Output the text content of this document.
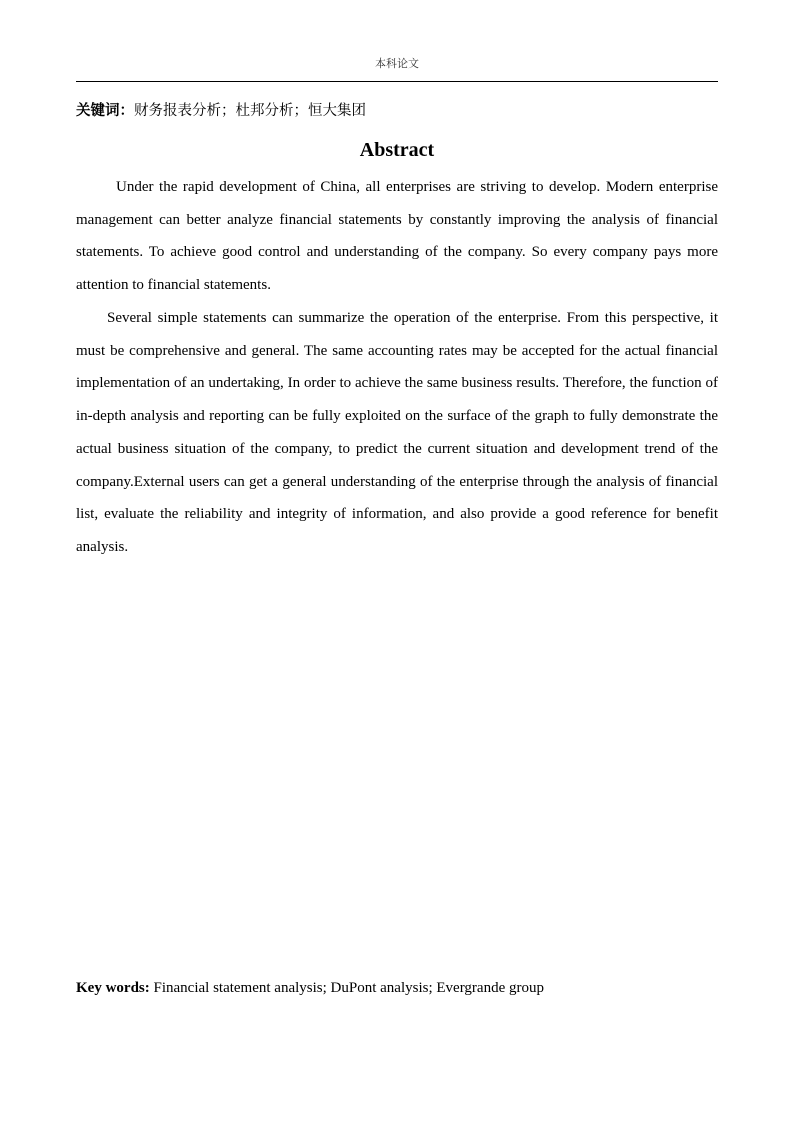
本科论文
关键词：财务报表分析；杜邦分析；恒大集团
Abstract

Under the rapid development of China, all enterprises are striving to develop. Modern enterprise management can better analyze financial statements by constantly improving the analysis of financial statements. To achieve good control and understanding of the company. So every company pays more attention to financial statements.

Several simple statements can summarize the operation of the enterprise. From this perspective, it must be comprehensive and general. The same accounting rates may be accepted for the actual financial implementation of an undertaking, In order to achieve the same business results. Therefore, the function of in-depth analysis and reporting can be fully exploited on the surface of the graph to fully demonstrate the actual business situation of the company, to predict the current situation and development trend of the company.External users can get a general understanding of the enterprise through the analysis of financial list, evaluate the reliability and integrity of information, and also provide a good reference for benefit analysis.

Key words: Financial statement analysis; DuPont analysis; Evergrande group
